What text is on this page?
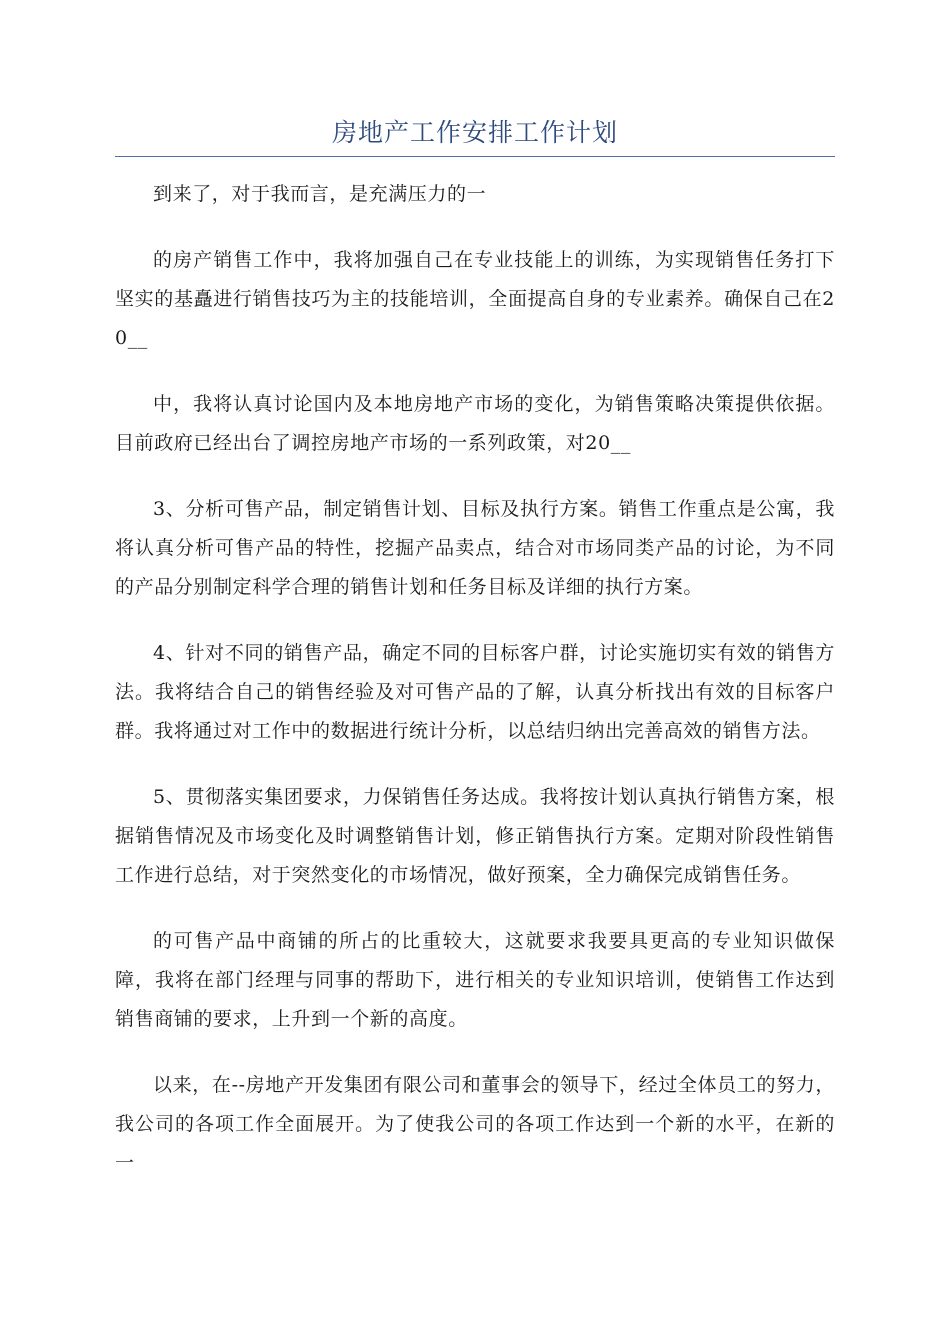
房地产工作安排工作计划

到来了，对于我而言，是充满压力的一

的房产销售工作中，我将加强自己在专业技能上的训练，为实现销售任务打下坚实的基矗进行销售技巧为主的技能培训，全面提高自身的专业素养。确保自己在20__

中，我将认真讨论国内及本地房地产市场的变化，为销售策略决策提供依据。目前政府已经出台了调控房地产市场的一系列政策，对20__

3、分析可售产品，制定销售计划、目标及执行方案。销售工作重点是公寓，我将认真分析可售产品的特性，挖掘产品卖点，结合对市场同类产品的讨论，为不同的产品分别制定科学合理的销售计划和任务目标及详细的执行方案。

4、针对不同的销售产品，确定不同的目标客户群，讨论实施切实有效的销售方法。我将结合自己的销售经验及对可售产品的了解，认真分析找出有效的目标客户群。我将通过对工作中的数据进行统计分析，以总结归纳出完善高效的销售方法。

5、贯彻落实集团要求，力保销售任务达成。我将按计划认真执行销售方案，根据销售情况及市场变化及时调整销售计划，修正销售执行方案。定期对阶段性销售工作进行总结，对于突然变化的市场情况，做好预案，全力确保完成销售任务。

的可售产品中商铺的所占的比重较大，这就要求我要具更高的专业知识做保障，我将在部门经理与同事的帮助下，进行相关的专业知识培训，使销售工作达到销售商铺的要求，上升到一个新的高度。

以来，在--房地产开发集团有限公司和董事会的领导下，经过全体员工的努力，我公司的各项工作全面展开。为了使我公司的各项工作达到一个新的水平，在新的一
